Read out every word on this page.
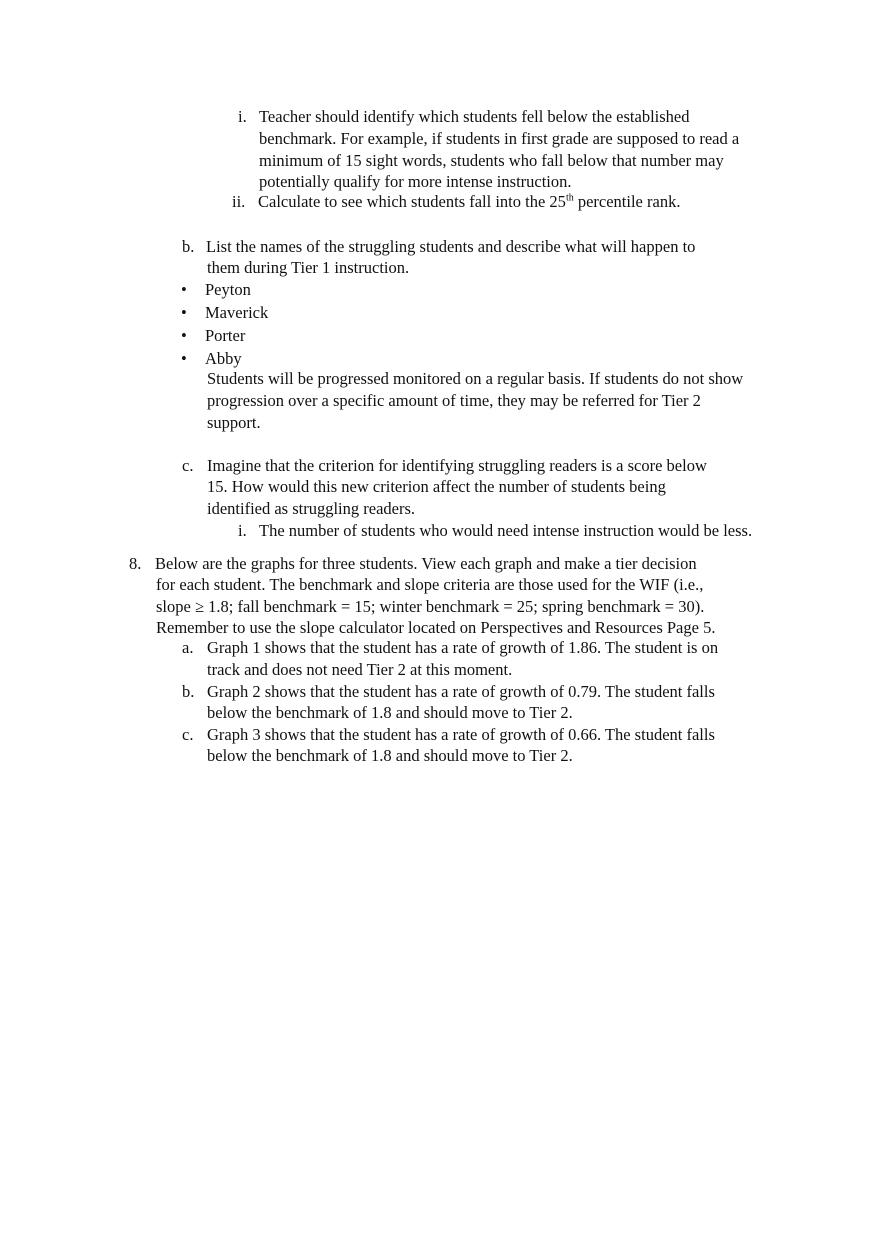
i. Teacher should identify which students fell below the established
benchmark. For example, if students in first grade are supposed to read a
minimum of 15 sight words, students who fall below that number may
potentially qualify for more intense instruction.
ii. Calculate to see which students fall into the 25th percentile rank.
b. List the names of the struggling students and describe what will happen to
them during Tier 1 instruction.
• Peyton
• Maverick
• Porter
• Abby
Students will be progressed monitored on a regular basis. If students do not show
progression over a specific amount of time, they may be referred for Tier 2
support.
c. Imagine that the criterion for identifying struggling readers is a score below
15. How would this new criterion affect the number of students being
identified as struggling readers.
i. The number of students who would need intense instruction would be less.
8. Below are the graphs for three students. View each graph and make a tier decision
for each student. The benchmark and slope criteria are those used for the WIF (i.e.,
slope ≥ 1.8; fall benchmark = 15; winter benchmark = 25; spring benchmark = 30).
Remember to use the slope calculator located on Perspectives and Resources Page 5.
a. Graph 1 shows that the student has a rate of growth of 1.86. The student is on
track and does not need Tier 2 at this moment.
b. Graph 2 shows that the student has a rate of growth of 0.79. The student falls
below the benchmark of 1.8 and should move to Tier 2.
c. Graph 3 shows that the student has a rate of growth of 0.66. The student falls
below the benchmark of 1.8 and should move to Tier 2.
